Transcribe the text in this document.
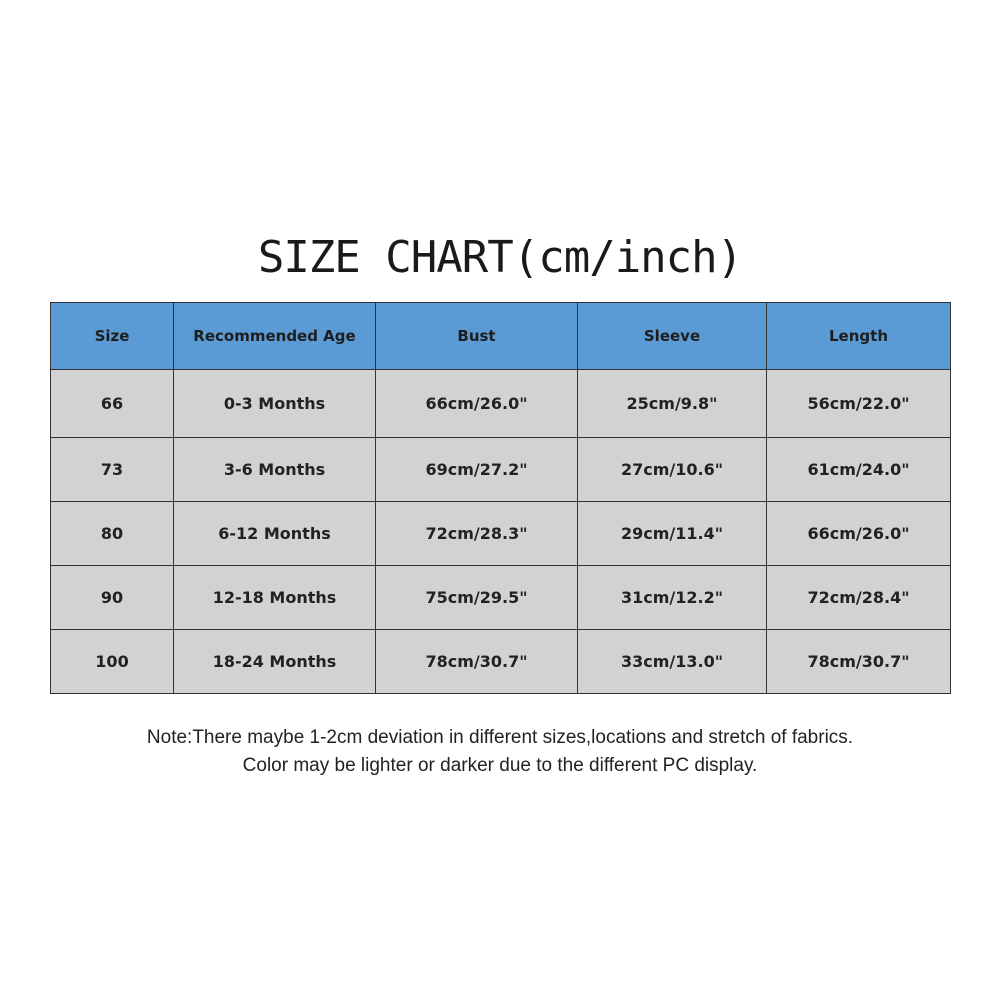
SIZE CHART(cm/inch)
Size	Recommended Age	Bust	Sleeve	Length
66	0-3 Months	66cm/26.0"	25cm/9.8"	56cm/22.0"
73	3-6 Months	69cm/27.2"	27cm/10.6"	61cm/24.0"
80	6-12 Months	72cm/28.3"	29cm/11.4"	66cm/26.0"
90	12-18 Months	75cm/29.5"	31cm/12.2"	72cm/28.4"
100	18-24 Months	78cm/30.7"	33cm/13.0"	78cm/30.7"
Note:There maybe 1-2cm deviation in different sizes,locations and stretch of fabrics.
Color may be lighter or darker due to the different PC display.
